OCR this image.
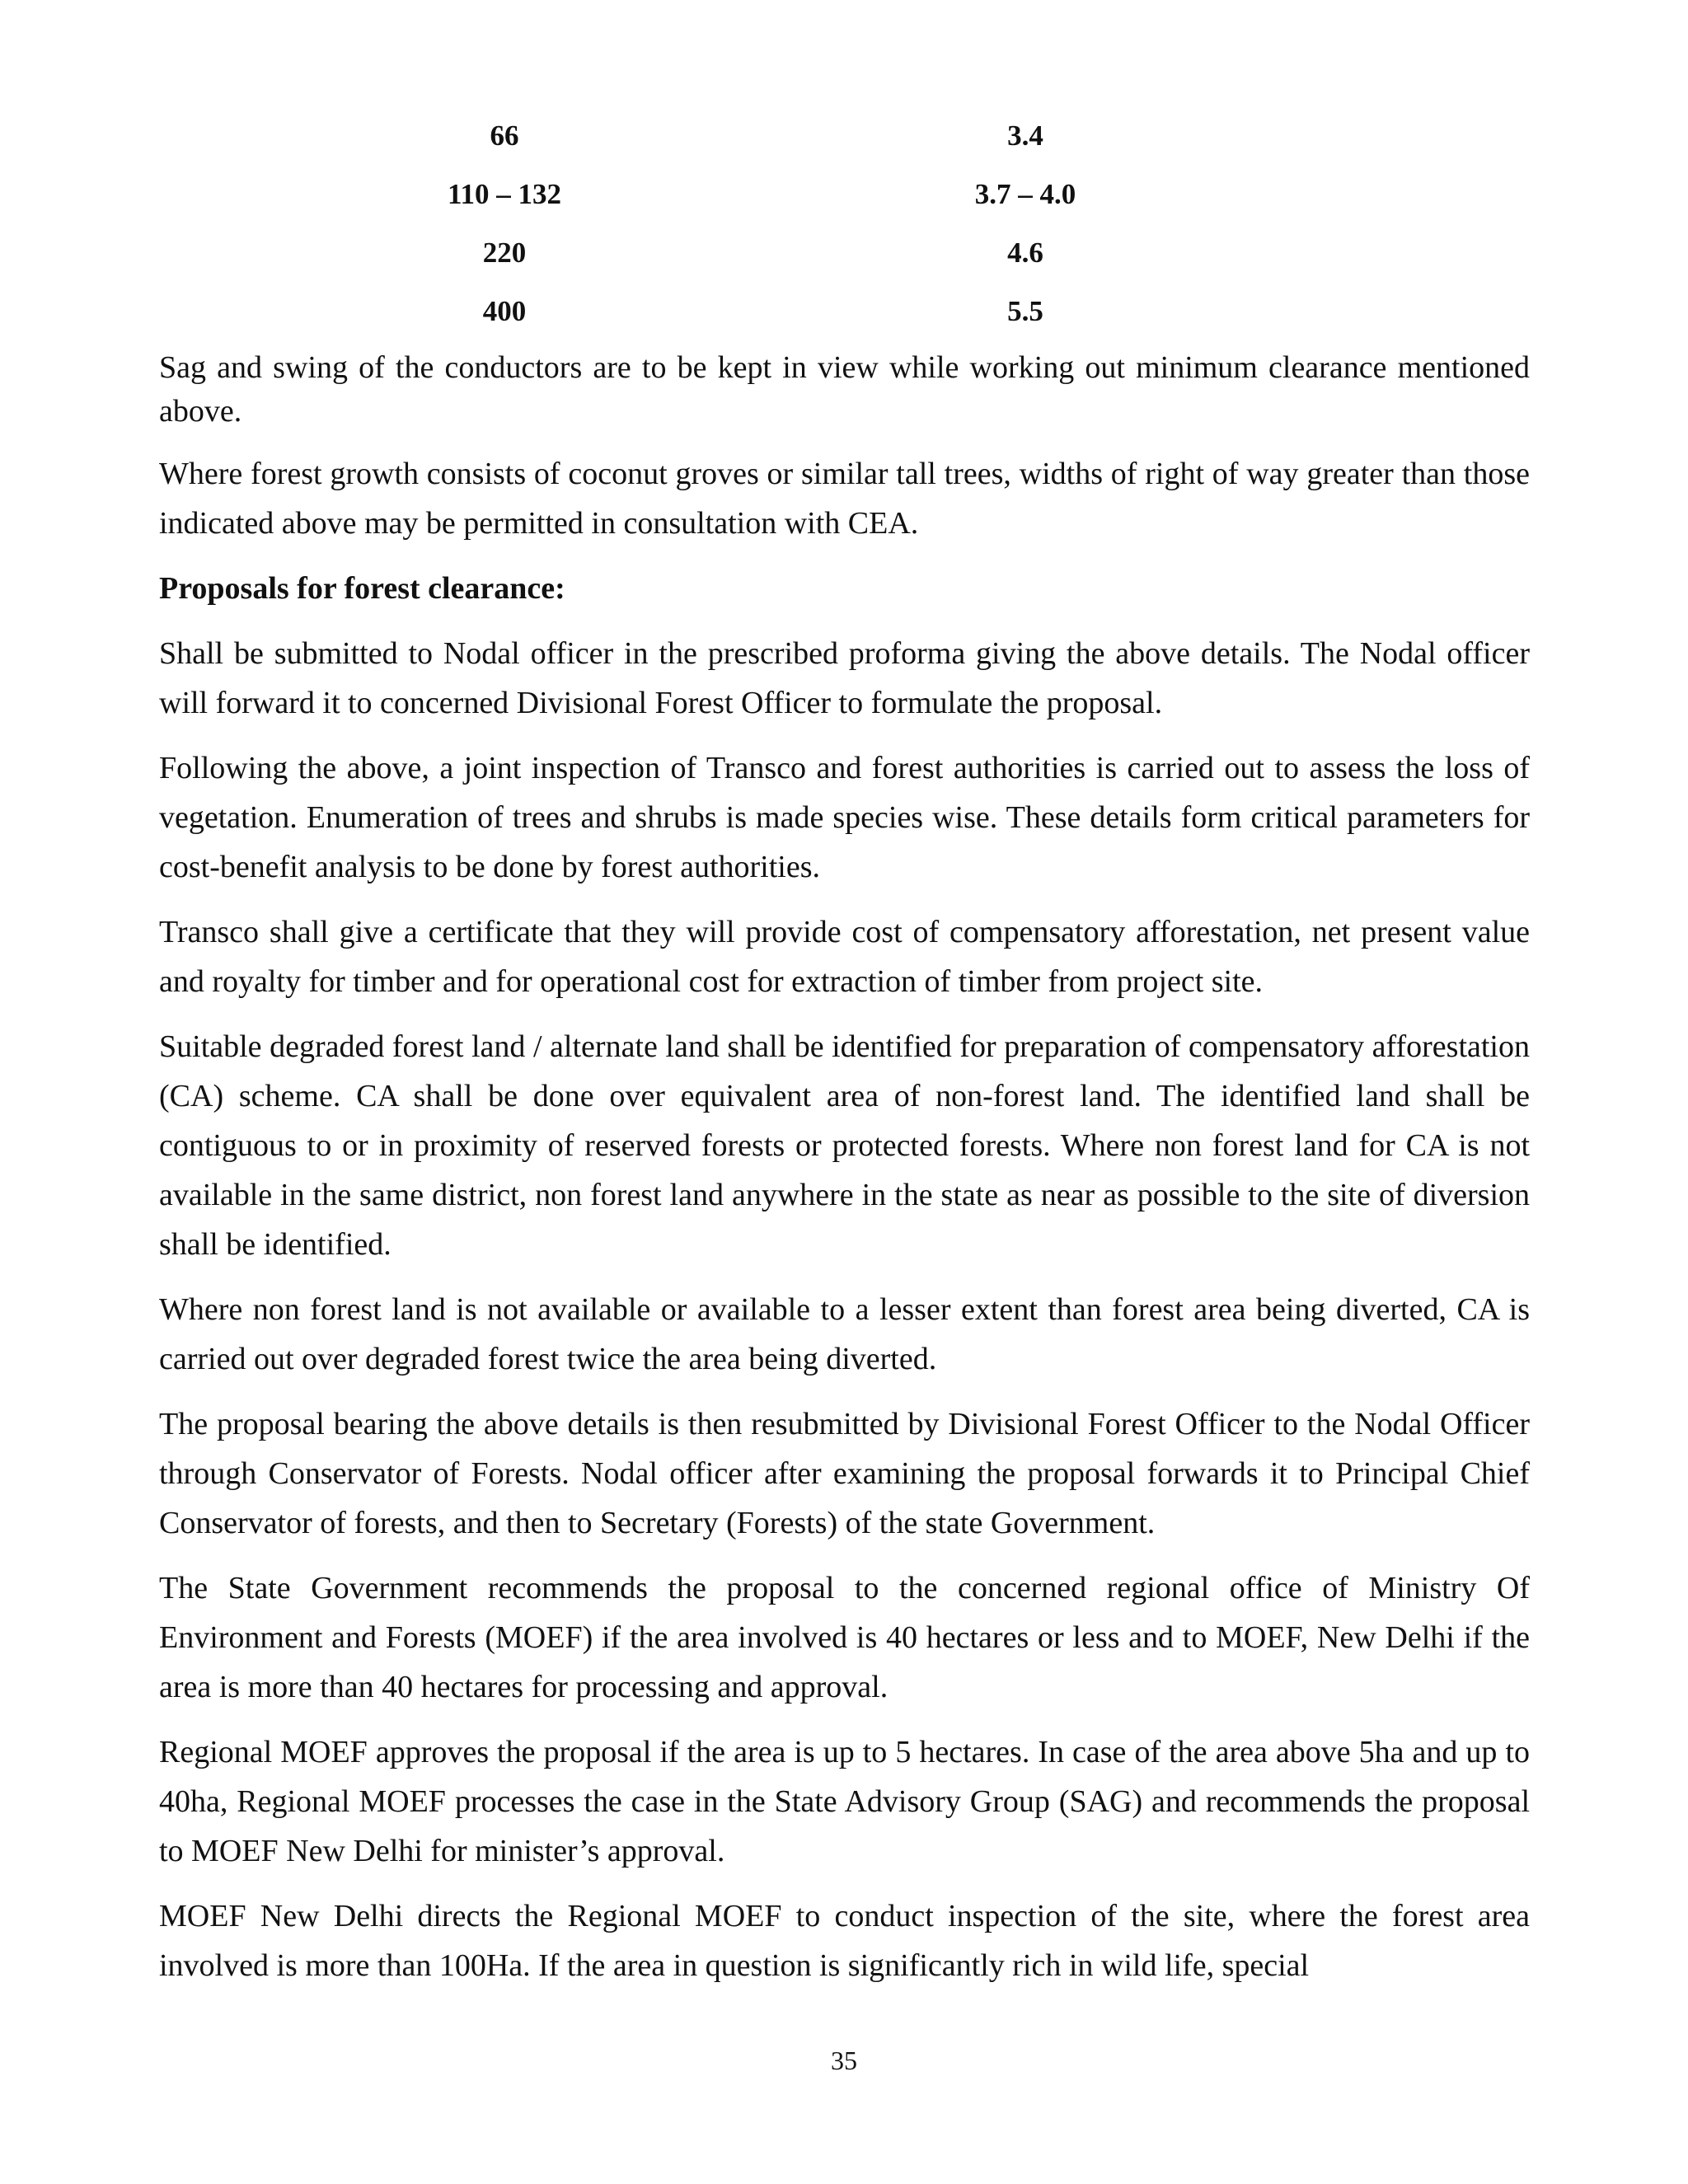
66	3.4
110 – 132	3.7 – 4.0
220	4.6
400	5.5

Sag and swing of the conductors are to be kept in view while working out minimum clearance mentioned above.

Where forest growth consists of coconut groves or similar tall trees, widths of right of way greater than those indicated above may be permitted in consultation with CEA.

Proposals for forest clearance:

Shall be submitted to Nodal officer in the prescribed proforma giving the above details. The Nodal officer will forward it to concerned Divisional Forest Officer to formulate the proposal.

Following the above, a joint inspection of Transco and forest authorities is carried out to assess the loss of vegetation. Enumeration of trees and shrubs is made species wise. These details form critical parameters for cost-benefit analysis to be done by forest authorities.

Transco shall give a certificate that they will provide cost of compensatory afforestation, net present value and royalty for timber and for operational cost for extraction of timber from project site.

Suitable degraded forest land / alternate land shall be identified for preparation of compensatory afforestation (CA) scheme. CA shall be done over equivalent area of non-forest land. The identified land shall be contiguous to or in proximity of reserved forests or protected forests. Where non forest land for CA is not available in the same district, non forest land anywhere in the state as near as possible to the site of diversion shall be identified.

Where non forest land is not available or available to a lesser extent than forest area being diverted, CA is carried out over degraded forest twice the area being diverted.

The proposal bearing the above details is then resubmitted by Divisional Forest Officer to the Nodal Officer through Conservator of Forests. Nodal officer after examining the proposal forwards it to Principal Chief Conservator of forests, and then to Secretary (Forests) of the state Government.

The State Government recommends the proposal to the concerned regional office of Ministry Of Environment and Forests (MOEF) if the area involved is 40 hectares or less and to MOEF, New Delhi if the area is more than 40 hectares for processing and approval.

Regional MOEF approves the proposal if the area is up to 5 hectares. In case of the area above 5ha and up to 40ha, Regional MOEF processes the case in the State Advisory Group (SAG) and recommends the proposal to MOEF New Delhi for minister’s approval.

MOEF New Delhi directs the Regional MOEF to conduct inspection of the site, where the forest area involved is more than 100Ha. If the area in question is significantly rich in wild life, special

35
